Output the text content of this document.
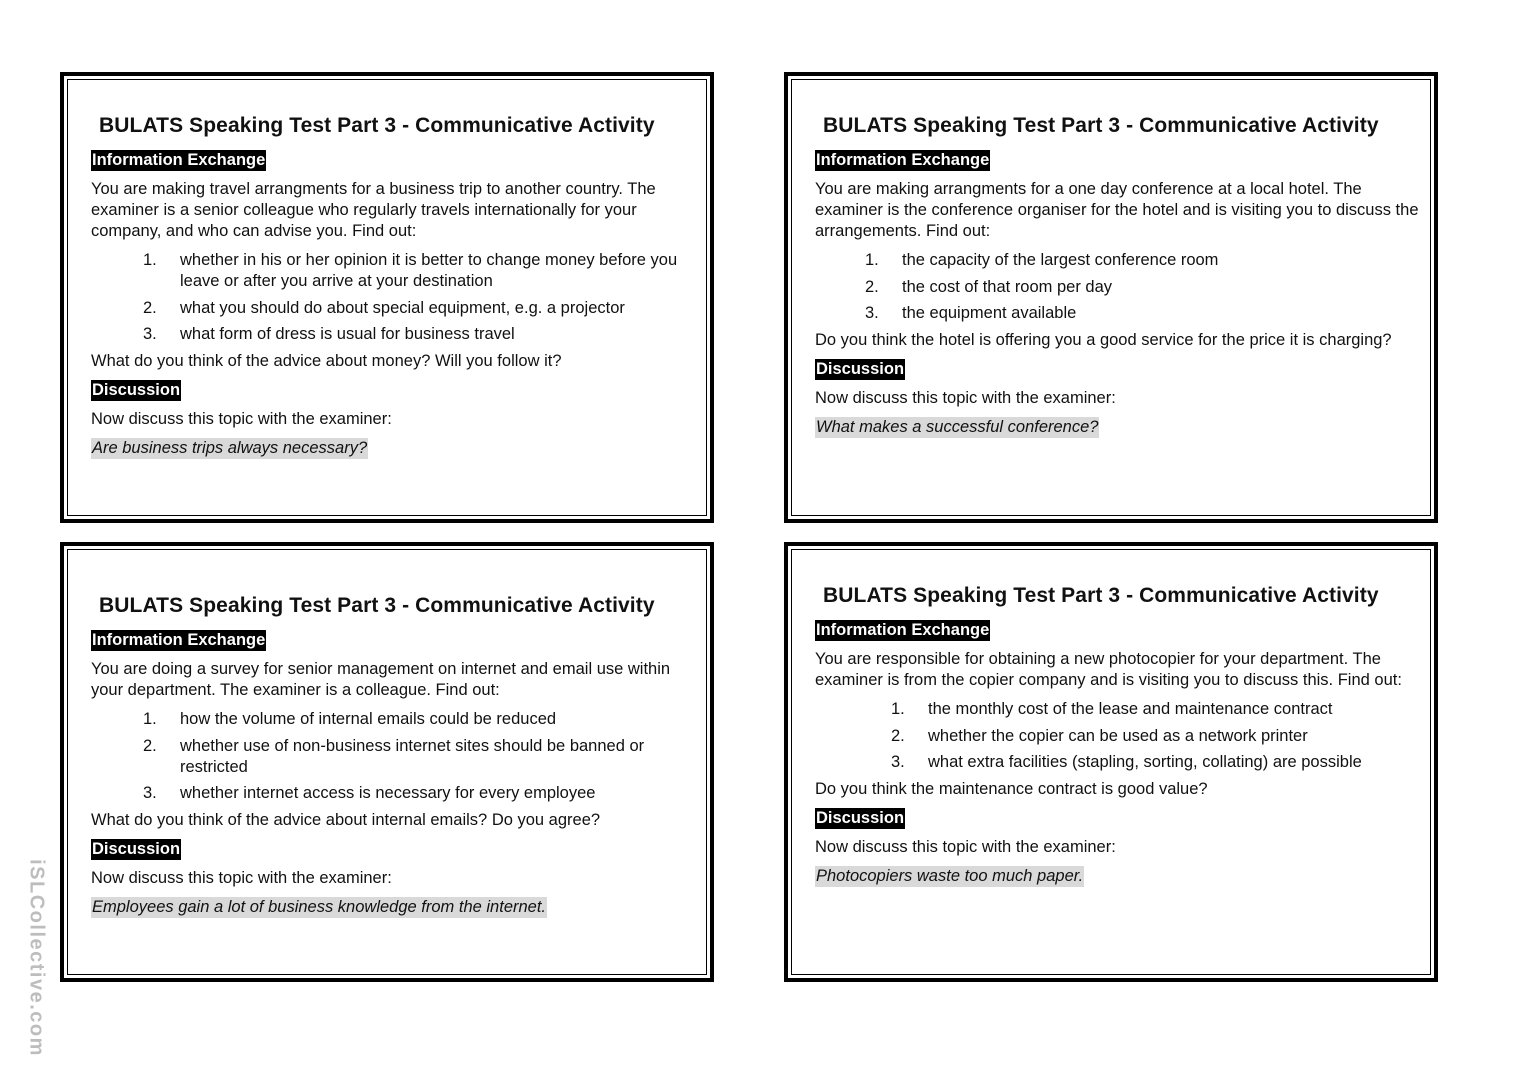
BULATS Speaking Test Part 3 - Communicative Activity
Information Exchange

You are making travel arrangments for a business trip to another country. The examiner is a senior colleague who regularly travels internationally for your company, and who can advise you. Find out:

1. whether in his or her opinion it is better to change money before you leave or after you arrive at your destination
2. what you should do about special equipment, e.g. a projector
3. what form of dress is usual for business travel

What do you think of the advice about money? Will you follow it?

Discussion

Now discuss this topic with the examiner:

Are business trips always necessary?
BULATS Speaking Test Part 3 - Communicative Activity
Information Exchange

You are making arrangments for a one day conference at a local hotel. The examiner is the conference organiser for the hotel and is visiting you to discuss the arrangements. Find out:

1. the capacity of the largest conference room
2. the cost of that room per day
3. the equipment available

Do you think the hotel is offering you a good service for the price it is charging?

Discussion

Now discuss this topic with the examiner:

What makes a successful conference?
BULATS Speaking Test Part 3 - Communicative Activity
Information Exchange

You are doing a survey for senior management on internet and email use within your department. The examiner is a colleague. Find out:

1. how the volume of internal emails could be reduced
2. whether use of non-business internet sites should be banned or restricted
3. whether internet access is necessary for every employee

What do you think of the advice about internal emails? Do you agree?

Discussion

Now discuss this topic with the examiner:

Employees gain a lot of business knowledge from the internet.
BULATS Speaking Test Part 3 - Communicative Activity
Information Exchange

You are responsible for obtaining a new photocopier for your department. The examiner is from the copier company and is visiting you to discuss this. Find out:

1. the monthly cost of the lease and maintenance contract
2. whether the copier can be used as a network printer
3. what extra facilities (stapling, sorting, collating) are possible

Do you think the maintenance contract is good value?

Discussion

Now discuss this topic with the examiner:

Photocopiers waste too much paper.
iSLCollective.com
